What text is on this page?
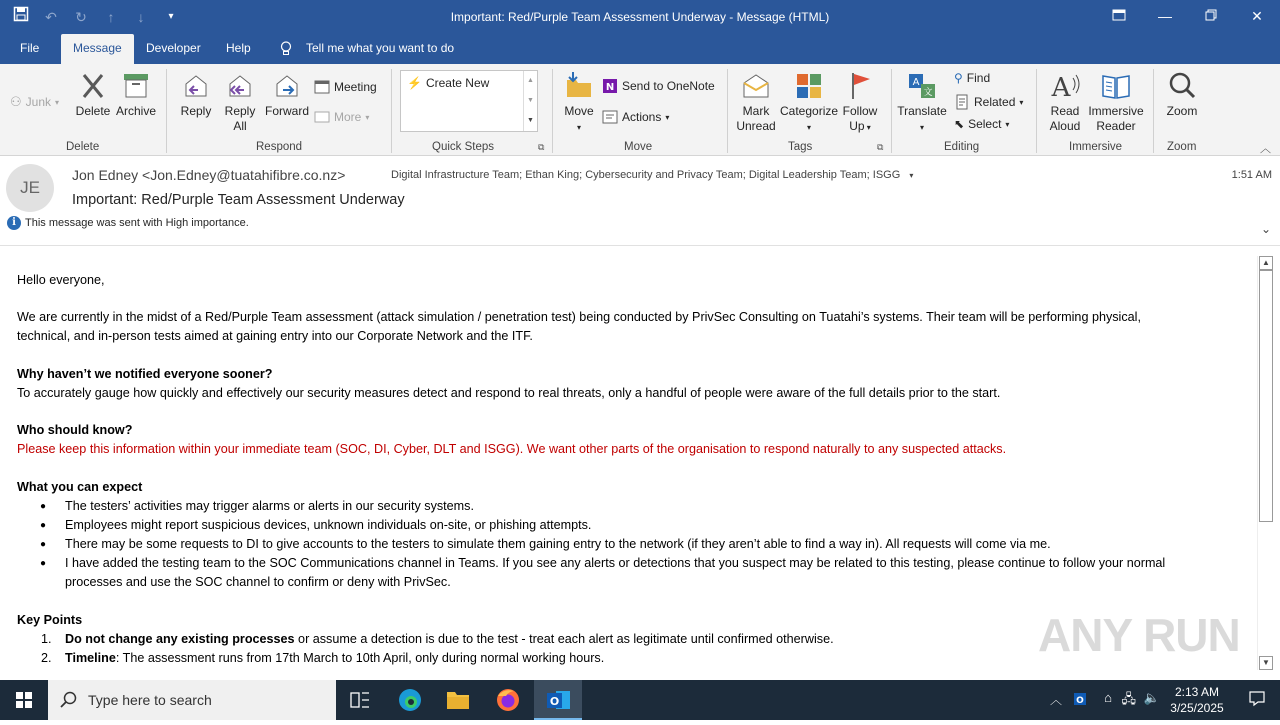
↶	↻	↑	↓	▾	Important: Red/Purple Team Assessment Underway - Message (HTML)	—	✕
File	Message	Developer Help	Tell me what you want to do
⚇ Junk ▾
Delete Archive
Delete
Reply	Reply
All
Forward
Meeting
More ▾
Respond
⚡ Create New	▲
▼
▼
Quick Steps	⧉
Move
▾
N Send to OneNote
Actions ▾
Move
Mark
Unread
Categorize
▾
Follow
Up ▾
Tags	⧉
A
文
Translate
▾
⚲ Find
Related ▾
⬉ Select ▾
Editing
A
Read
Aloud
Immersive
Reader
Immersive
Zoom
Zoom	︿
JE
Jon Edney <Jon.Edney@tuatahifibre.co.nz>	Digital Infrastructure Team; Ethan King; Cybersecurity and Privacy Team; Digital Leadership Team; ISGG ▾	1:51 AM
Important: Red/Purple Team Assessment Underway
i This message was sent with High importance.	⌄
Hello everyone,
We are currently in the midst of a Red/Purple Team assessment (attack simulation / penetration test) being conducted by PrivSec Consulting on Tuatahi’s systems. Their team will be performing physical,
technical, and in-person tests aimed at gaining entry into our Corporate Network and the ITF.
Why haven’t we notified everyone sooner?
To accurately gauge how quickly and effectively our security measures detect and respond to real threats, only a handful of people were aware of the full details prior to the start.
Who should know?
Please keep this information within your immediate team (SOC, DI, Cyber, DLT and ISGG). We want other parts of the organisation to respond naturally to any suspected attacks.
What you can expect
● The testers’ activities may trigger alarms or alerts in our security systems.
● Employees might report suspicious devices, unknown individuals on-site, or phishing attempts.
● There may be some requests to DI to give accounts to the testers to simulate them gaining entry to the network (if they aren’t able to find a way in). All requests will come via me.
● I have added the testing team to the SOC Communications channel in Teams. If you see any alerts or detections that you suspect may be related to this testing, please continue to follow your normal
processes and use the SOC channel to confirm or deny with PrivSec.
Key Points
1.	Do not change any existing processes or assume a detection is due to the test - treat each alert as legitimate until confirmed otherwise.
2.	Timeline: The assessment runs from 17th March to 10th April, only during normal working hours.	ANY RUN
▲
▼
Type here to search	O	︿ O ⌂ 🖧 🔈	2:13 AM
3/25/2025
